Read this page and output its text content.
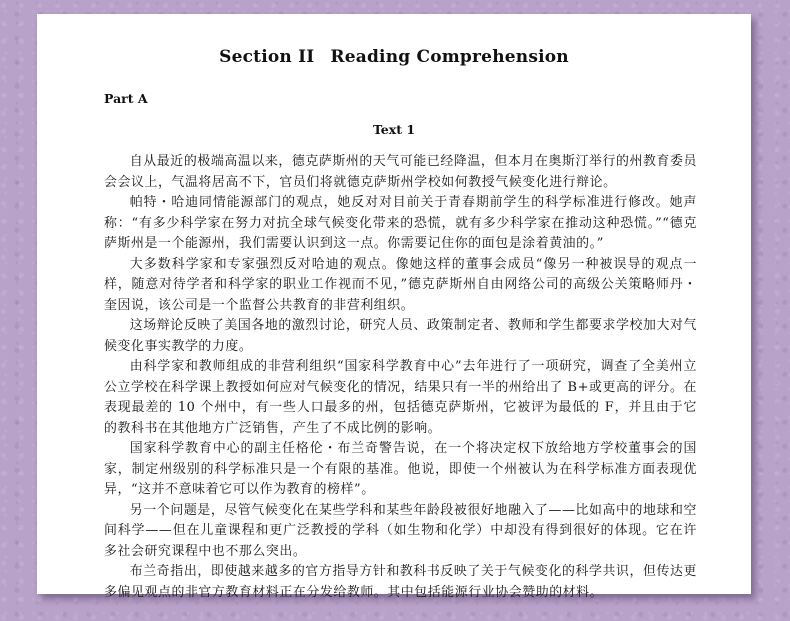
Section II Reading Comprehension
Part A
Text 1

自从最近的极端高温以来，德克萨斯州的天气可能已经降温，但本月在奥斯汀举行的州教育委员会会议上，气温将居高不下，官员们将就德克萨斯州学校如何教授气候变化进行辩论。

帕特・哈迪同情能源部门的观点，她反对对目前关于青春期前学生的科学标准进行修改。她声称：“有多少科学家在努力对抗全球气候变化带来的恐慌，就有多少科学家在推动这种恐慌。”“德克萨斯州是一个能源州，我们需要认识到这一点。你需要记住你的面包是涂着黄油的。”

大多数科学家和专家强烈反对哈迪的观点。像她这样的董事会成员“像另一种被误导的观点一样，随意对待学者和科学家的职业工作视而不见，”德克萨斯州自由网络公司的高级公关策略师丹・奎因说，该公司是一个监督公共教育的非营利组织。

这场辩论反映了美国各地的激烈讨论，研究人员、政策制定者、教师和学生都要求学校加大对气候变化事实教学的力度。

由科学家和教师组成的非营利组织“国家科学教育中心”去年进行了一项研究，调查了全美州立公立学校在科学课上教授如何应对气候变化的情况，结果只有一半的州给出了 B+或更高的评分。在表现最差的 10 个州中，有一些人口最多的州，包括德克萨斯州，它被评为最低的 F，并且由于它的教科书在其他地方广泛销售，产生了不成比例的影响。

国家科学教育中心的副主任格伦・布兰奇警告说，在一个将决定权下放给地方学校董事会的国家，制定州级别的科学标准只是一个有限的基准。他说，即使一个州被认为在科学标准方面表现优异，“这并不意味着它可以作为教育的榜样”。

另一个问题是，尽管气候变化在某些学科和某些年龄段被很好地融入了——比如高中的地球和空间科学——但在儿童课程和更广泛教授的学科（如生物和化学）中却没有得到很好的体现。它在许多社会研究课程中也不那么突出。

布兰奇指出，即使越来越多的官方指导方针和教科书反映了关于气候变化的科学共识，但传达更多偏见观点的非官方教育材料正在分发给教师。其中包括能源行业协会赞助的材料。
